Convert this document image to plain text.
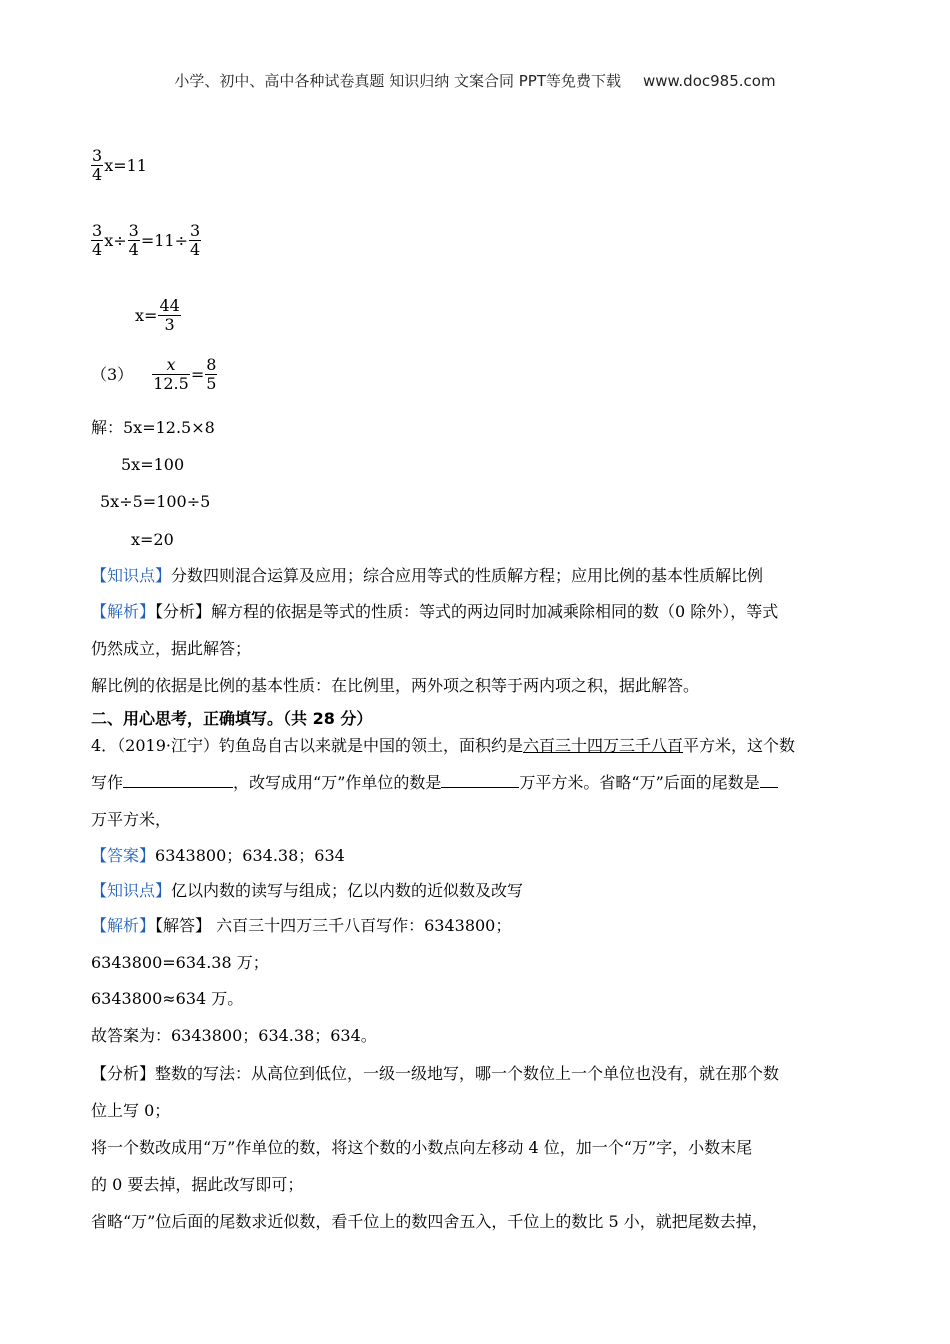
小学、初中、高中各种试卷真题 知识归纳 文案合同 PPT等免费下载 www.doc985.com
$\frac{3}{4} x=11$
$\frac{3}{4} x\div \frac{3}{4} =11\div \frac{3}{4}$
$x= \frac{44}{3}$
$(3) \frac{x}{12.5} = \frac{8}{5}$
解：5x=12.5×8
5x=100
5x÷5=100÷5
x=20
【知识点】分数四则混合运算及应用；综合应用等式的性质解方程；应用比例的基本性质解比例
【解析】【分析】解方程的依据是等式的性质：等式的两边同时加减乘除相同的数（0 除外），等式
仍然成立，据此解答；
解比例的依据是比例的基本性质：在比例里，两外项之积等于两内项之积，据此解答。
二、用心思考，正确填写。（共 28 分）
4．（2019·江宁）钓鱼岛自古以来就是中国的领土，面积约是六百三十四万三千八百平方米，这个数
写作	，改写成用“万”作单位的数是	万平方米。省略“万”后面的尾数是
万平方米，
【答案】6343800；634.38；634
【知识点】亿以内数的读写与组成；亿以内数的近似数及改写
【解析】【解答】 六百三十四万三千八百写作：6343800；
6343800=634.38 万；
6343800≈634 万。
故答案为：6343800；634.38；634。
【分析】整数的写法：从高位到低位，一级一级地写，哪一个数位上一个单位也没有，就在那个数
位上写 0；
将一个数改成用“万”作单位的数，将这个数的小数点向左移动 4 位，加一个“万”字，小数末尾
的 0 要去掉，据此改写即可；
省略“万”位后面的尾数求近似数，看千位上的数四舍五入，千位上的数比 5 小，就把尾数去掉，
